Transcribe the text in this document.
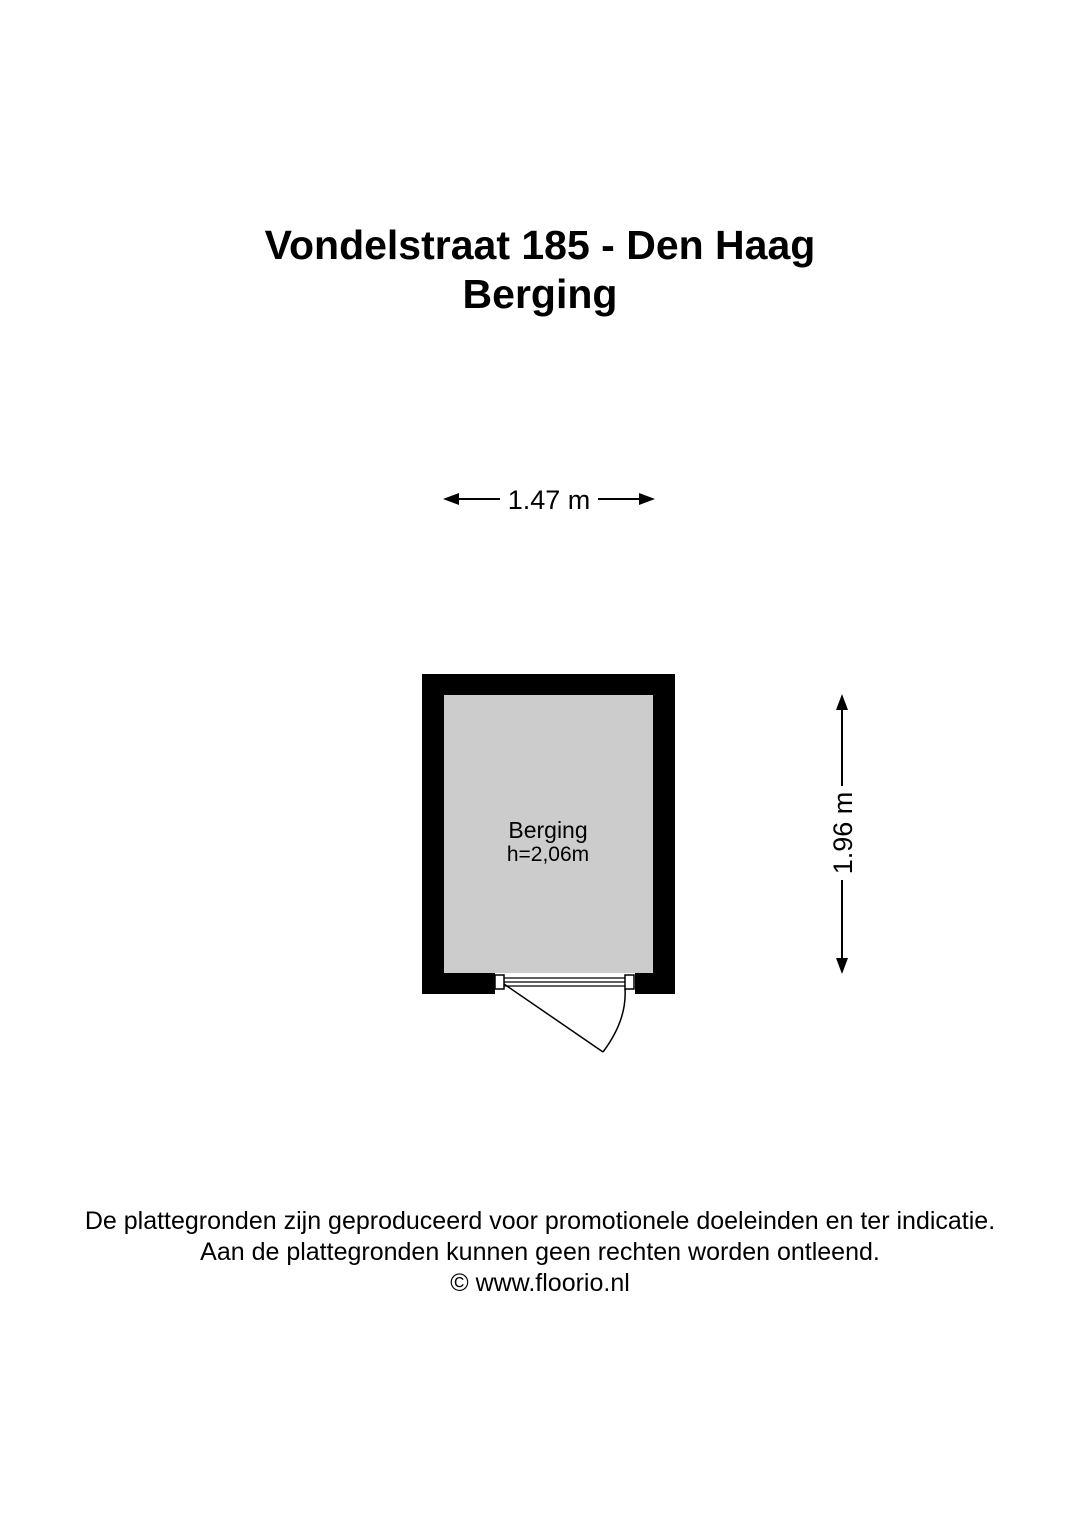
Vondelstraat 185 - Den Haag
Berging
1.47 m
Berging
h=2,06m	1.96 m
De plattegronden zijn geproduceerd voor promotionele doeleinden en ter indicatie.
Aan de plattegronden kunnen geen rechten worden ontleend.
© www.floorio.nl
